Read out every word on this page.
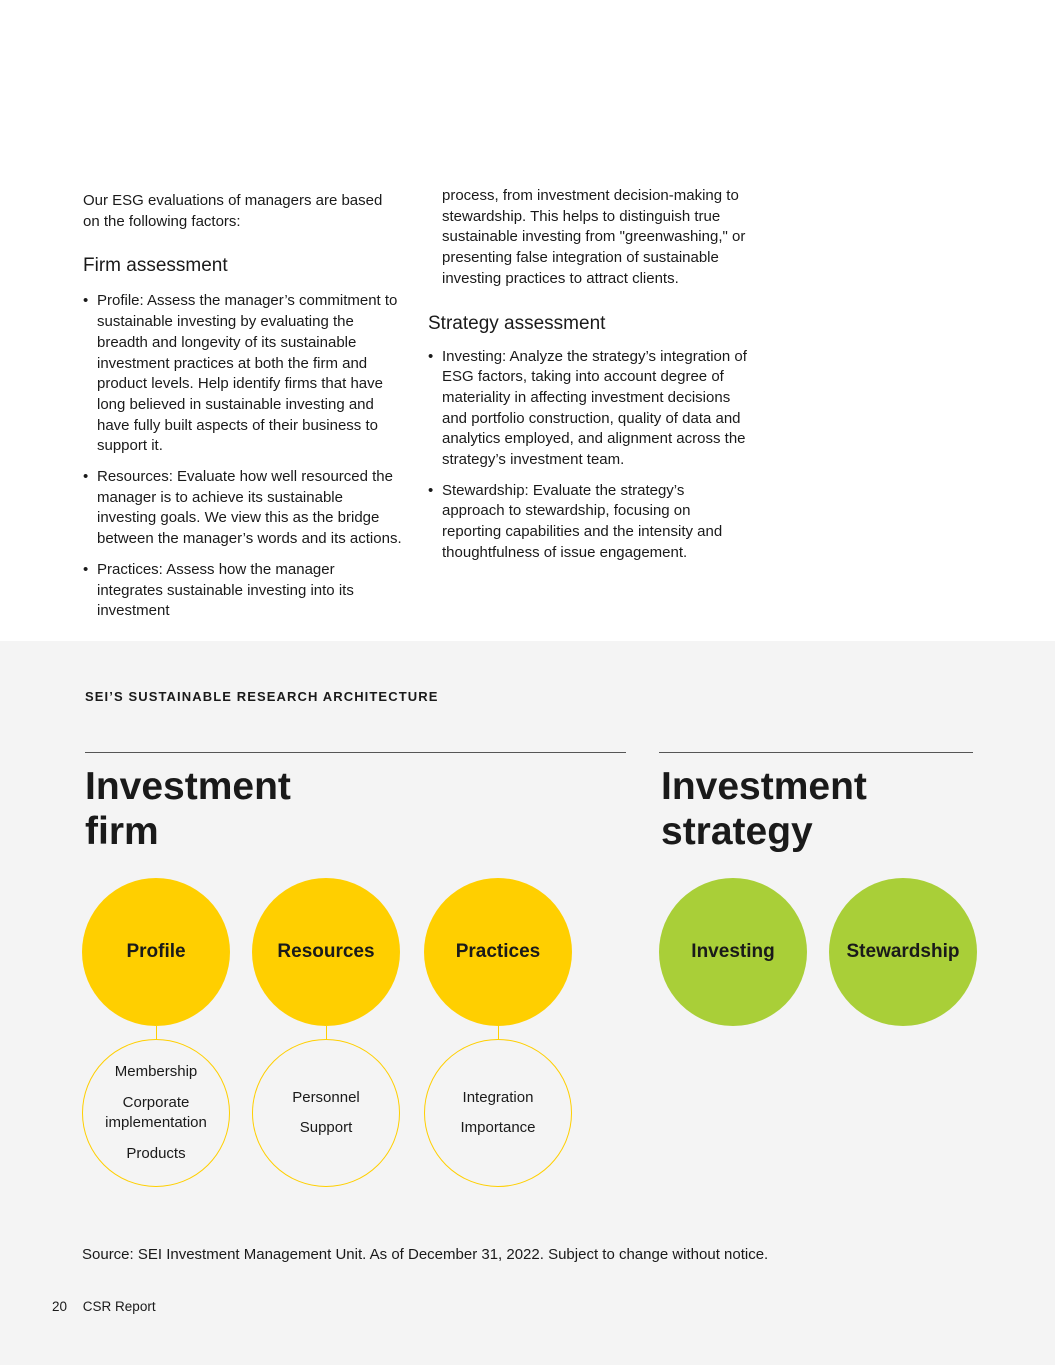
Our ESG evaluations of managers are based on the following factors:

Firm assessment
• Profile: Assess the manager’s commitment to sustainable investing by evaluating the breadth and longevity of its sustainable investment practices at both the firm and product levels. Help identify firms that have long believed in sustainable investing and have fully built aspects of their business to support it.
• Resources: Evaluate how well resourced the manager is to achieve its sustainable investing goals. We view this as the bridge between the manager’s words and its actions.
• Practices: Assess how the manager integrates sustainable investing into its investment

process, from investment decision-making to stewardship. This helps to distinguish true sustainable investing from "greenwashing," or presenting false integration of sustainable investing practices to attract clients.

Strategy assessment
• Investing: Analyze the strategy’s integration of ESG factors, taking into account degree of materiality in affecting investment decisions and portfolio construction, quality of data and analytics employed, and alignment across the strategy’s investment team.
• Stewardship: Evaluate the strategy’s approach to stewardship, focusing on reporting capabilities and the intensity and thoughtfulness of issue engagement.
SEI’S SUSTAINABLE RESEARCH ARCHITECTURE
Investment
firm
Investment
strategy
Profile	Resources	Practices	Investing	Stewardship
Membership
Corporate implementation
Products
Personnel
Support
Integration
Importance
Source: SEI Investment Management Unit. As of December 31, 2022. Subject to change without notice.
20 CSR Report
